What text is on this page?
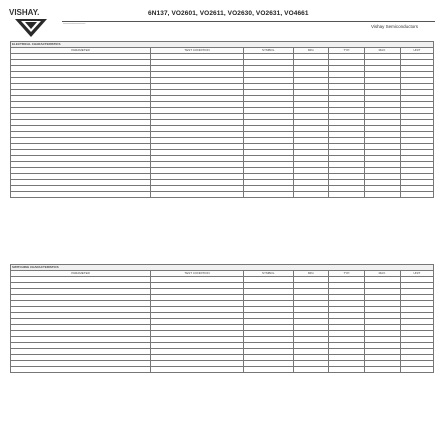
VISHAY.	6N137, VO2601, VO2611, VO2630, VO2631, VO4661
─────────	Vishay Semiconductors
ELECTRICAL CHARACTERISTICS						
PARAMETER	TEST CONDITION	SYMBOL	MIN.	TYP.	MAX.	UNIT

SWITCHING CHARACTERISTICS						
PARAMETER	TEST CONDITION	SYMBOL	MIN.	TYP.	MAX.	UNIT
